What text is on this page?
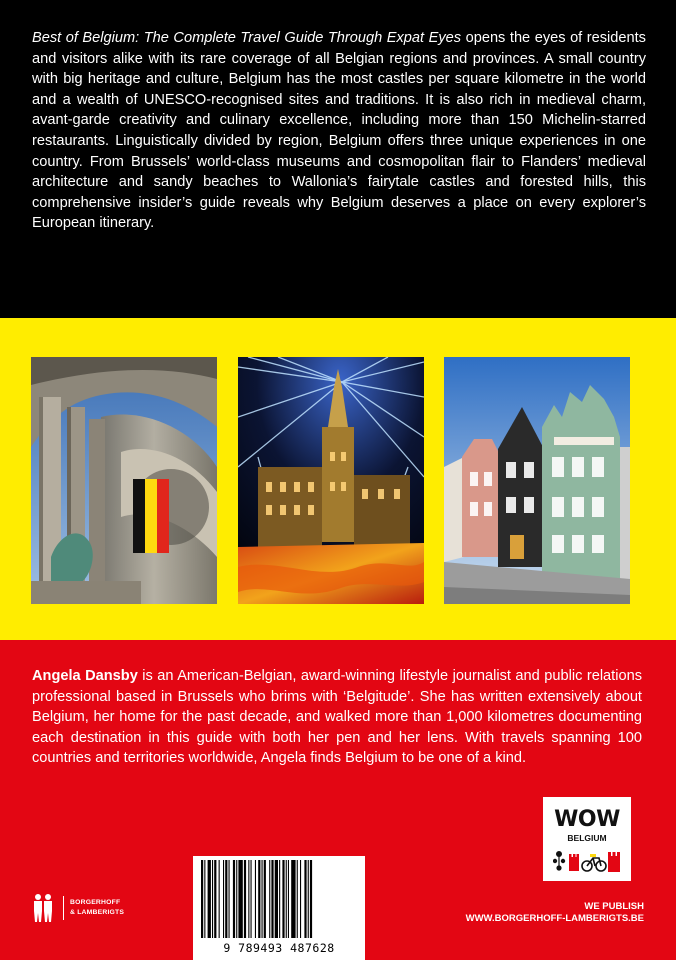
Best of Belgium: The Complete Travel Guide Through Expat Eyes opens the eyes of residents and visitors alike with its rare coverage of all Belgian regions and provinces. A small country with big heritage and culture, Belgium has the most castles per square kilometre in the world and a wealth of UNESCO-recognised sites and traditions. It is also rich in medieval charm, avant-garde creativity and culinary excellence, including more than 150 Michelin-starred restaurants. Linguistically divided by region, Belgium offers three unique experiences in one country. From Brussels’ world-class museums and cosmopolitan flair to Flanders’ medieval architecture and sandy beaches to Wallonia’s fairytale castles and forested hills, this comprehensive insider’s guide reveals why Belgium deserves a place on every explorer’s European itinerary.

Angela Dansby is an American-Belgian, award-winning lifestyle journalist and public relations professional based in Brussels who brims with ‘Belgitude’. She has written extensively about Belgium, her home for the past decade, and walked more than 1,000 kilometres documenting each destination in this guide with both her pen and her lens. With travels spanning 100 countries and territories worldwide, Angela finds Belgium to be one of a kind.

WOW
BELGIUM
9 789493 487628
BORGERHOFF
& LAMBERIGTS
WE PUBLISH
WWW.BORGERHOFF-LAMBERIGTS.BE
